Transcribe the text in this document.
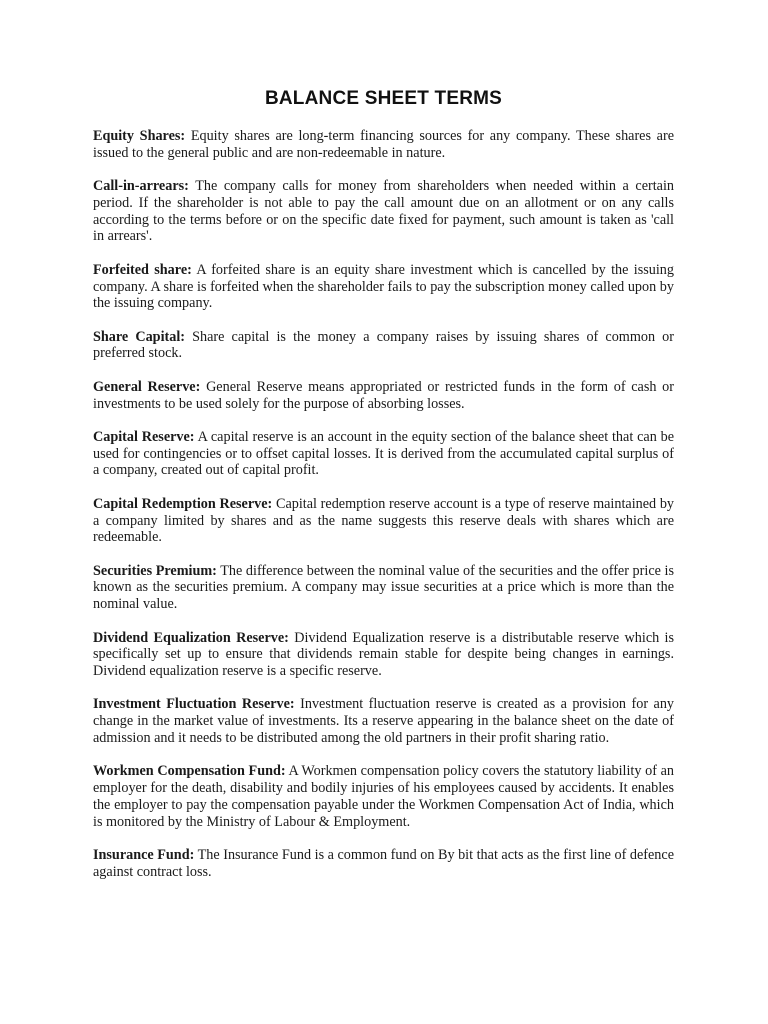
BALANCE SHEET TERMS

Equity Shares: Equity shares are long-term financing sources for any company. These shares are issued to the general public and are non-redeemable in nature.

Call-in-arrears: The company calls for money from shareholders when needed within a certain period. If the shareholder is not able to pay the call amount due on an allotment or on any calls according to the terms before or on the specific date fixed for payment, such amount is taken as 'call in arrears'.

Forfeited share: A forfeited share is an equity share investment which is cancelled by the issuing company. A share is forfeited when the shareholder fails to pay the subscription money called upon by the issuing company.

Share Capital: Share capital is the money a company raises by issuing shares of common or preferred stock.

General Reserve: General Reserve means appropriated or restricted funds in the form of cash or investments to be used solely for the purpose of absorbing losses.

Capital Reserve: A capital reserve is an account in the equity section of the balance sheet that can be used for contingencies or to offset capital losses. It is derived from the accumulated capital surplus of a company, created out of capital profit.

Capital Redemption Reserve: Capital redemption reserve account is a type of reserve maintained by a company limited by shares and as the name suggests this reserve deals with shares which are redeemable.

Securities Premium: The difference between the nominal value of the securities and the offer price is known as the securities premium. A company may issue securities at a price which is more than the nominal value.

Dividend Equalization Reserve: Dividend Equalization reserve is a distributable reserve which is specifically set up to ensure that dividends remain stable for despite being changes in earnings. Dividend equalization reserve is a specific reserve.

Investment Fluctuation Reserve: Investment fluctuation reserve is created as a provision for any change in the market value of investments. Its a reserve appearing in the balance sheet on the date of admission and it needs to be distributed among the old partners in their profit sharing ratio.

Workmen Compensation Fund: A Workmen compensation policy covers the statutory liability of an employer for the death, disability and bodily injuries of his employees caused by accidents. It enables the employer to pay the compensation payable under the Workmen Compensation Act of India, which is monitored by the Ministry of Labour & Employment.

Insurance Fund: The Insurance Fund is a common fund on By bit that acts as the first line of defence against contract loss.
